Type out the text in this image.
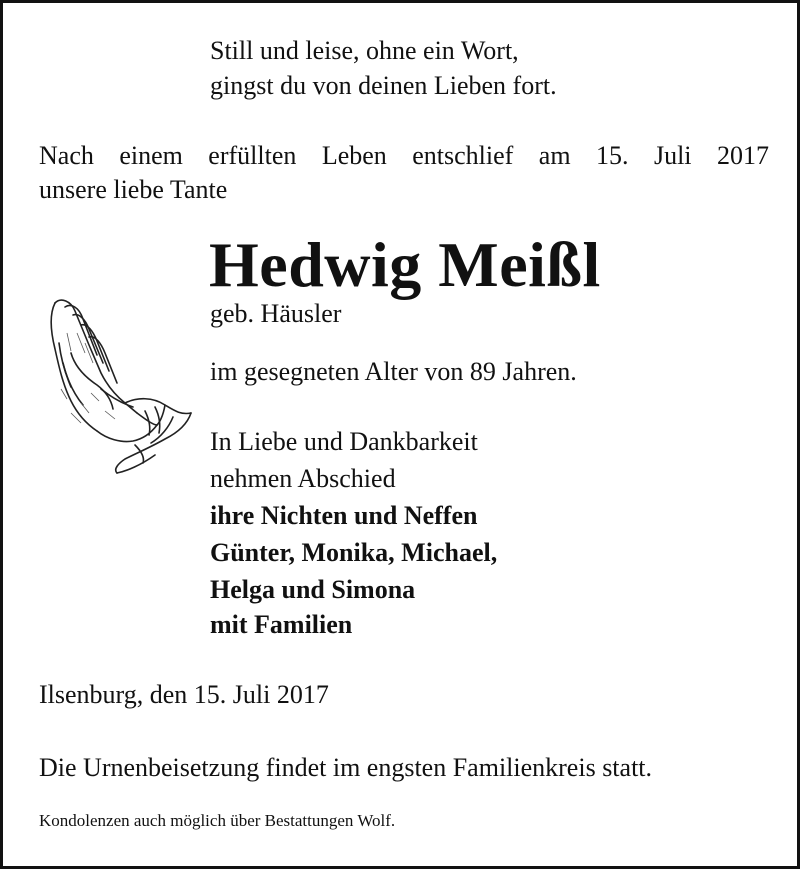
Still und leise, ohne ein Wort,
gingst du von deinen Lieben fort.
Nach einem erfüllten Leben entschlief am 15. Juli 2017
unsere liebe Tante
Hedwig Meißl
geb. Häusler
im gesegneten Alter von 89 Jahren.
In Liebe und Dankbarkeit
nehmen Abschied
ihre Nichten und Neffen
Günter, Monika, Michael,
Helga und Simona
mit Familien
Ilsenburg, den 15. Juli 2017
Die Urnenbeisetzung findet im engsten Familienkreis statt.
Kondolenzen auch möglich über Bestattungen Wolf.
